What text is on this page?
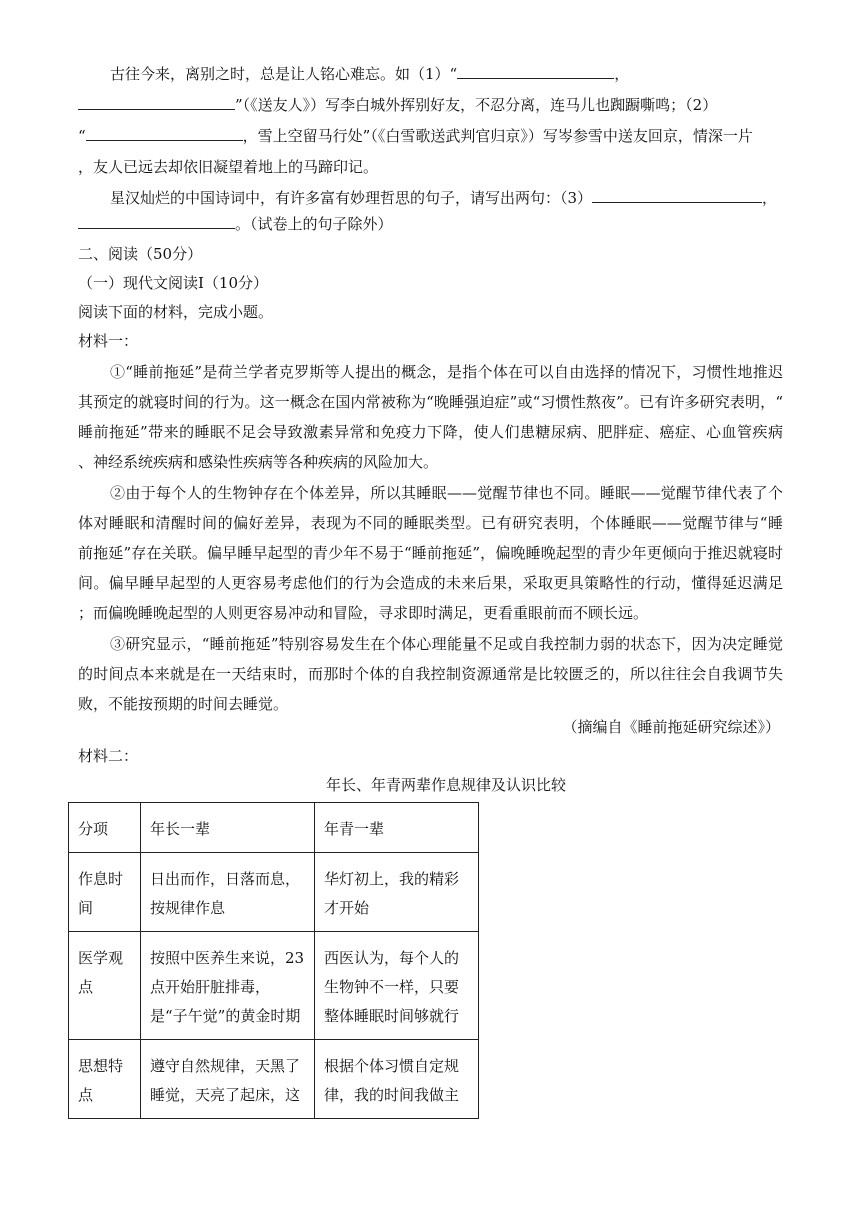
古往今来，离别之时，总是让人铭心难忘。如（1）“	，
”（《送友人》）写李白城外挥别好友，不忍分离，连马儿也踟蹰嘶鸣；（2）
“	，雪上空留马行处”（《白雪歌送武判官归京》）写岑参雪中送友回京，情深一片
，友人已远去却依旧凝望着地上的马蹄印记。
星汉灿烂的中国诗词中，有许多富有妙理哲思的句子，请写出两句：（3）	，
。（试卷上的句子除外）
二、阅读（50分）
（一）现代文阅读I（10分）
阅读下面的材料，完成小题。
材料一：
①“睡前拖延”是荷兰学者克罗斯等人提出的概念，是指个体在可以自由选择的情况下，习惯性地推迟
其预定的就寝时间的行为。这一概念在国内常被称为“晚睡强迫症”或“习惯性熬夜”。已有许多研究表明，“
睡前拖延”带来的睡眠不足会导致激素异常和免疫力下降，使人们患糖尿病、肥胖症、癌症、心血管疾病
、神经系统疾病和感染性疾病等各种疾病的风险加大。
②由于每个人的生物钟存在个体差异，所以其睡眠——觉醒节律也不同。睡眠——觉醒节律代表了个
体对睡眠和清醒时间的偏好差异，表现为不同的睡眠类型。已有研究表明，个体睡眠——觉醒节律与“睡
前拖延”存在关联。偏早睡早起型的青少年不易于“睡前拖延”，偏晚睡晚起型的青少年更倾向于推迟就寝时
间。偏早睡早起型的人更容易考虑他们的行为会造成的未来后果，采取更具策略性的行动，懂得延迟满足
；而偏晚睡晚起型的人则更容易冲动和冒险，寻求即时满足，更看重眼前而不顾长远。
③研究显示，“睡前拖延”特别容易发生在个体心理能量不足或自我控制力弱的状态下，因为决定睡觉
的时间点本来就是在一天结束时，而那时个体的自我控制资源通常是比较匮乏的，所以往往会自我调节失
败，不能按预期的时间去睡觉。
（摘编自《睡前拖延研究综述》）
材料二：
年长、年青两辈作息规律及认识比较
分项	年长一辈	年青一辈
作息时间	日出而作，日落而息，按规律作息	华灯初上，我的精彩才开始
医学观点	按照中医养生来说，23点开始肝脏排毒，是“子午觉”的黄金时期	西医认为，每个人的生物钟不一样，只要整体睡眠时间够就行
思想特点	遵守自然规律，天黑了睡觉，天亮了起床，这	根据个体习惯自定规律，我的时间我做主
